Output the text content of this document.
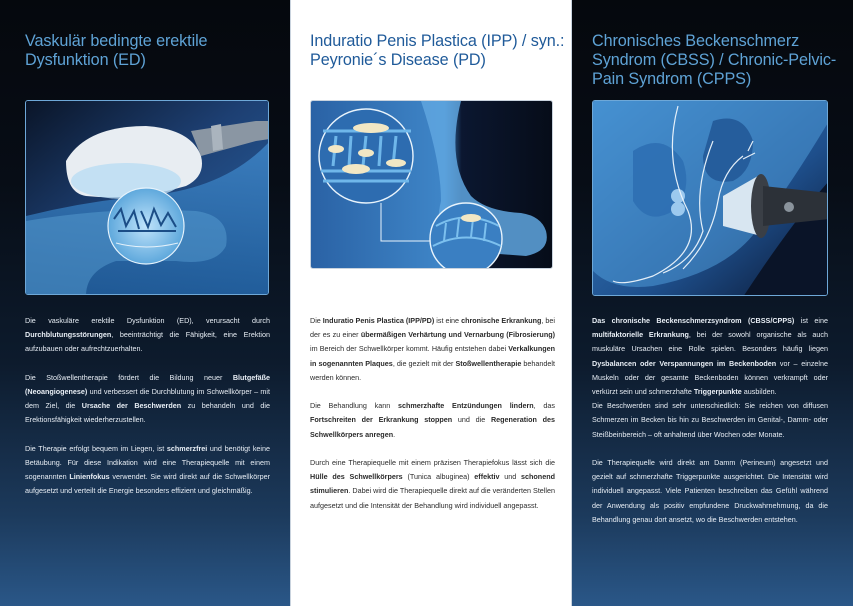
Vaskulär bedingte erektile Dysfunktion (ED)

Die vaskuläre erektile Dysfunktion (ED), verursacht durch Durchblutungsstörungen, beeinträchtigt die Fähigkeit, eine Erektion aufzubauen oder aufrechtzuerhalten.

Die Stoßwellentherapie fördert die Bildung neuer Blutgefäße (Neoangiogenese) und verbessert die Durchblutung im Schwellkörper – mit dem Ziel, die Ursache der Beschwerden zu behandeln und die Erektionsfähigkeit wiederherzustellen.

Die Therapie erfolgt bequem im Liegen, ist schmerzfrei und benötigt keine Betäubung. Für diese Indikation wird eine Therapiequelle mit einem sogenannten Linienfokus verwendet. Sie wird direkt auf die Schwellkörper aufgesetzt und verteilt die Energie besonders effizient und gleichmäßig.

Induratio Penis Plastica (IPP) / syn.: Peyronie´s Disease (PD)

Die Induratio Penis Plastica (IPP/PD) ist eine chronische Erkrankung, bei der es zu einer übermäßigen Verhärtung und Vernarbung (Fibrosierung) im Bereich der Schwellkörper kommt. Häufig entstehen dabei Verkalkungen in sogenannten Plaques, die gezielt mit der Stoßwellentherapie behandelt werden können.

Die Behandlung kann schmerzhafte Entzündungen lindern, das Fortschreiten der Erkrankung stoppen und die Regeneration des Schwellkörpers anregen.

Durch eine Therapiequelle mit einem präzisen Therapiefokus lässt sich die Hülle des Schwellkörpers (Tunica albuginea) effektiv und schonend stimulieren. Dabei wird die Therapiequelle direkt auf die veränderten Stellen aufgesetzt und die Intensität der Behandlung wird individuell angepasst.

Chronisches Beckenschmerz Syndrom (CBSS) / Chronic-Pelvic-Pain Syndrom (CPPS)

Das chronische Beckenschmerzsyndrom (CBSS/CPPS) ist eine multifaktorielle Erkrankung, bei der sowohl organische als auch muskuläre Ursachen eine Rolle spielen. Besonders häufig liegen Dysbalancen oder Verspannungen im Beckenboden vor – einzelne Muskeln oder der gesamte Beckenboden können verkrampft oder verkürzt sein und schmerzhafte Triggerpunkte ausbilden.

Die Beschwerden sind sehr unterschiedlich: Sie reichen von diffusen Schmerzen im Becken bis hin zu Beschwerden im Genital-, Damm- oder Steißbeinbereich – oft anhaltend über Wochen oder Monate.

Die Therapiequelle wird direkt am Damm (Perineum) angesetzt und gezielt auf schmerzhafte Triggerpunkte ausgerichtet. Die Intensität wird individuell angepasst. Viele Patienten beschreiben das Gefühl während der Anwendung als positiv empfundene Druckwahrnehmung, da die Behandlung genau dort ansetzt, wo die Beschwerden entstehen.
